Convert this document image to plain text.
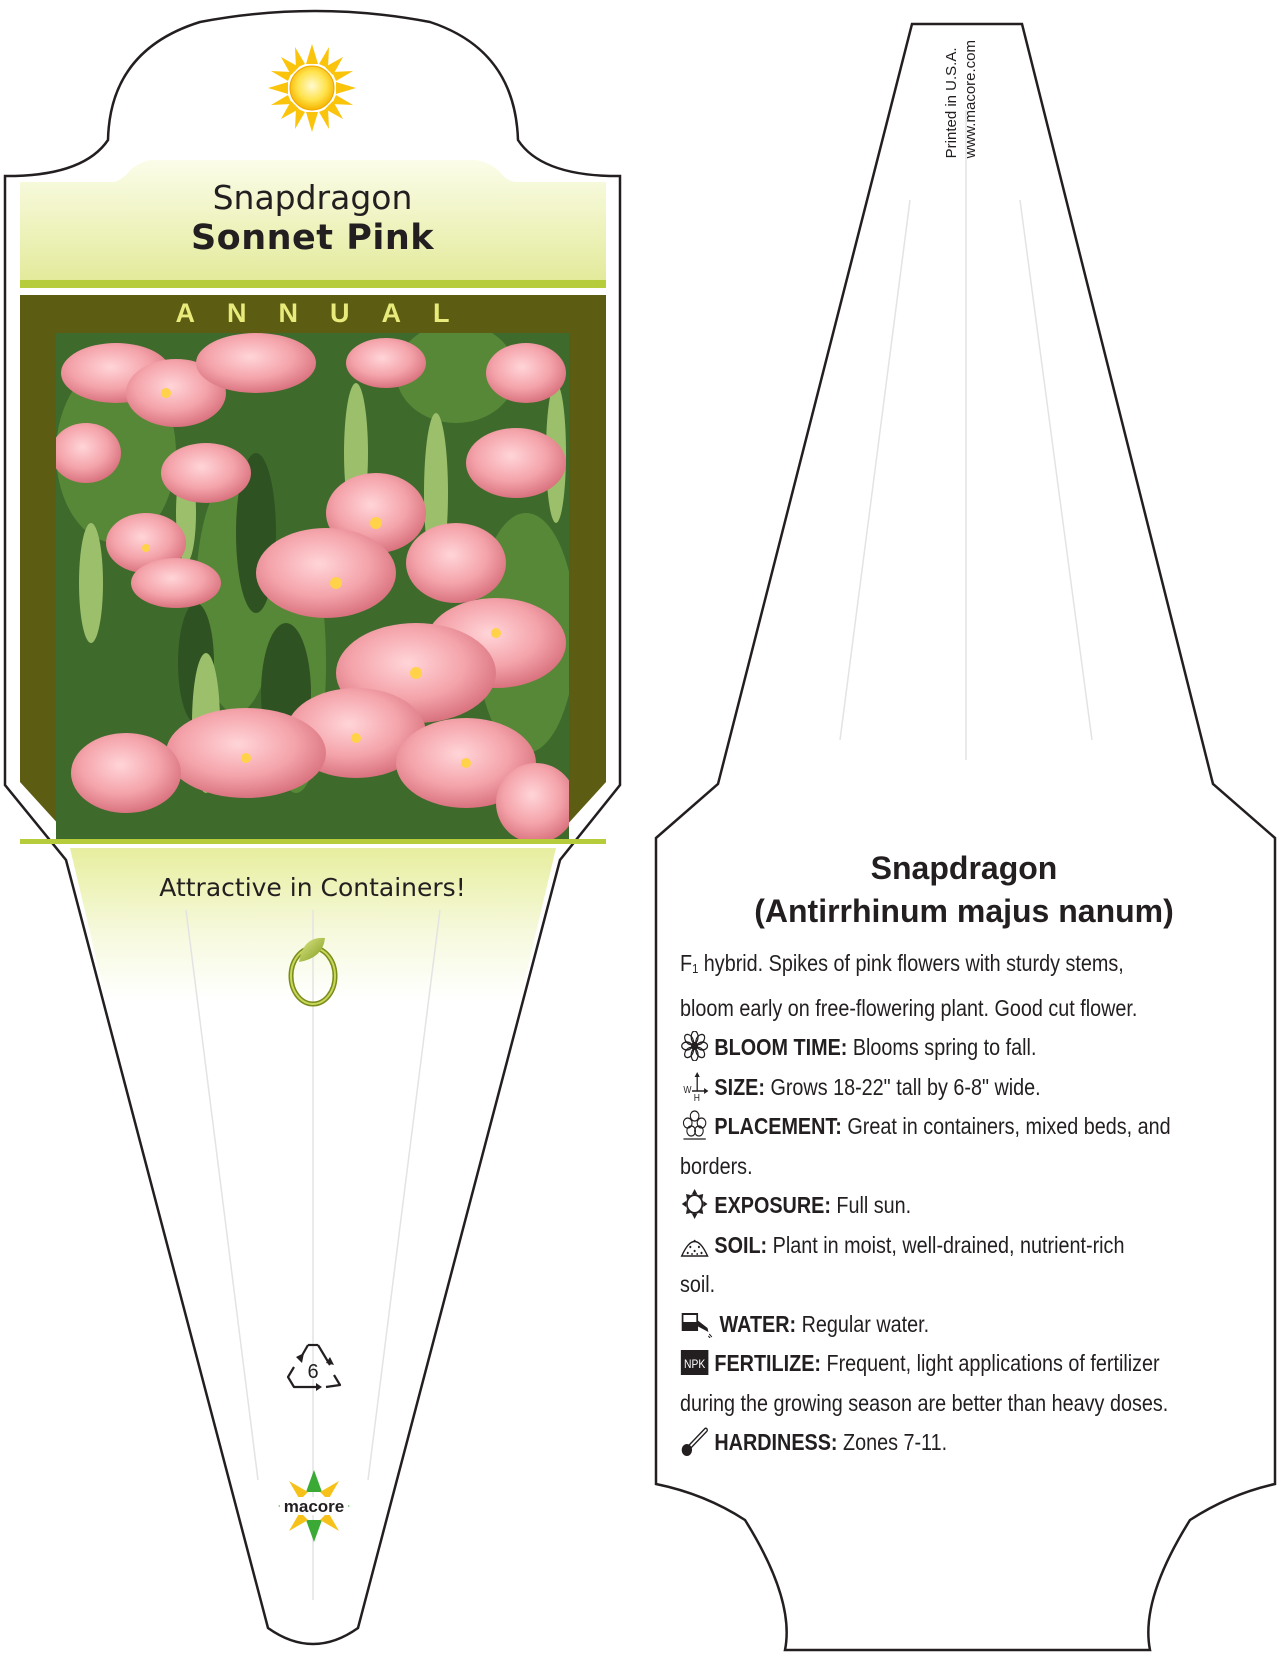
Snapdragon
Sonnet Pink
ANNUAL
Attractive in Containers!
6
macore
Printed in U.S.A. www.macore.com
Snapdragon
(Antirrhinum majus nanum)

F1 hybrid. Spikes of pink flowers with sturdy stems,

bloom early on free-flowering plant. Good cut flower.

BLOOM TIME: Blooms spring to fall.

W
H SIZE: Grows 18-22" tall by 6-8" wide.

PLACEMENT: Great in containers, mixed beds, and

borders.

EXPOSURE: Full sun.

SOIL: Plant in moist, well-drained, nutrient-rich

soil.

WATER: Regular water.

NPK FERTILIZE: Frequent, light applications of fertilizer

during the growing season are better than heavy doses.

HARDINESS: Zones 7-11.
